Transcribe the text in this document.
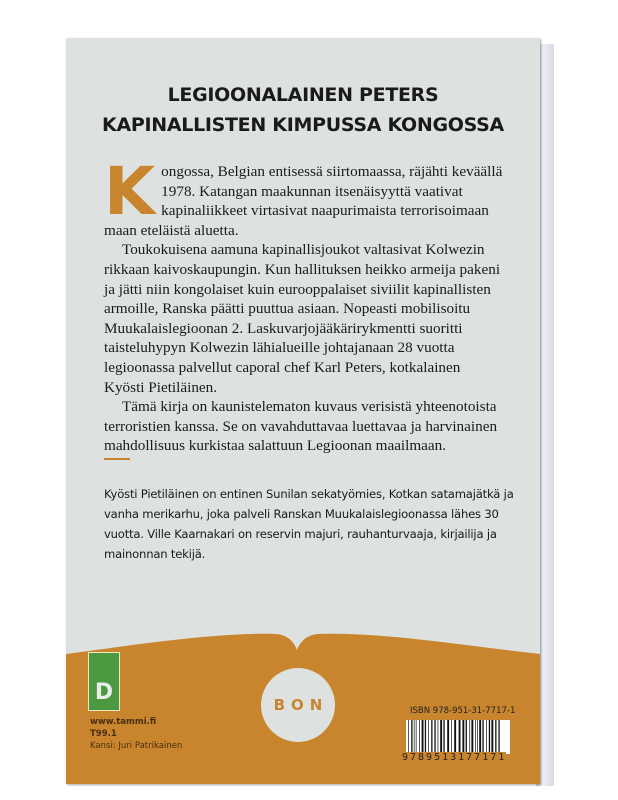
LEGIOONALAINEN PETERS
KAPINALLISTEN KIMPUSSA KONGOSSA

Kongossa, Belgian entisessä siirtomaassa, räjähti keväällä 1978. Katangan maakunnan itsenäisyyttä vaativat kapinaliikkeet virtasivat naapurimaista terrorisoimaan maan eteläistä aluetta.

Toukokuisena aamuna kapinallisjoukot valtasivat Kolwezin rikkaan kaivoskaupungin. Kun hallituksen heikko armeija pakeni ja jätti niin kongolaiset kuin eurooppalaiset siviilit kapinallisten armoille, Ranska päätti puuttua asiaan. Nopeasti mobilisoitu Muukalaislegioonan 2. Laskuvarjojääkärirykmentti suoritti taisteluhypyn Kolwezin lähialueille johtajanaan 28 vuotta legioonassa palvellut caporal chef Karl Peters, kotkalainen Kyösti Pietiläinen.

Tämä kirja on kaunistelematon kuvaus verisistä yhteenotoista terroristien kanssa. Se on vavahduttavaa luettavaa ja harvinainen mahdollisuus kurkistaa salattuun Legioonan maailmaan.

Kyösti Pietiläinen on entinen Sunilan sekatyömies, Kotkan satamajätkä ja vanha merikarhu, joka palveli Ranskan Muukalaislegioonassa lähes 30 vuotta. Ville Kaarnakari on reservin majuri, rauhanturvaaja, kirjailija ja mainonnan tekijä.
D
www.tammi.fi
T99.1
Kansi: Juri Patrikainen
BON	ISBN 978-951-31-7717-1
9789513177171
